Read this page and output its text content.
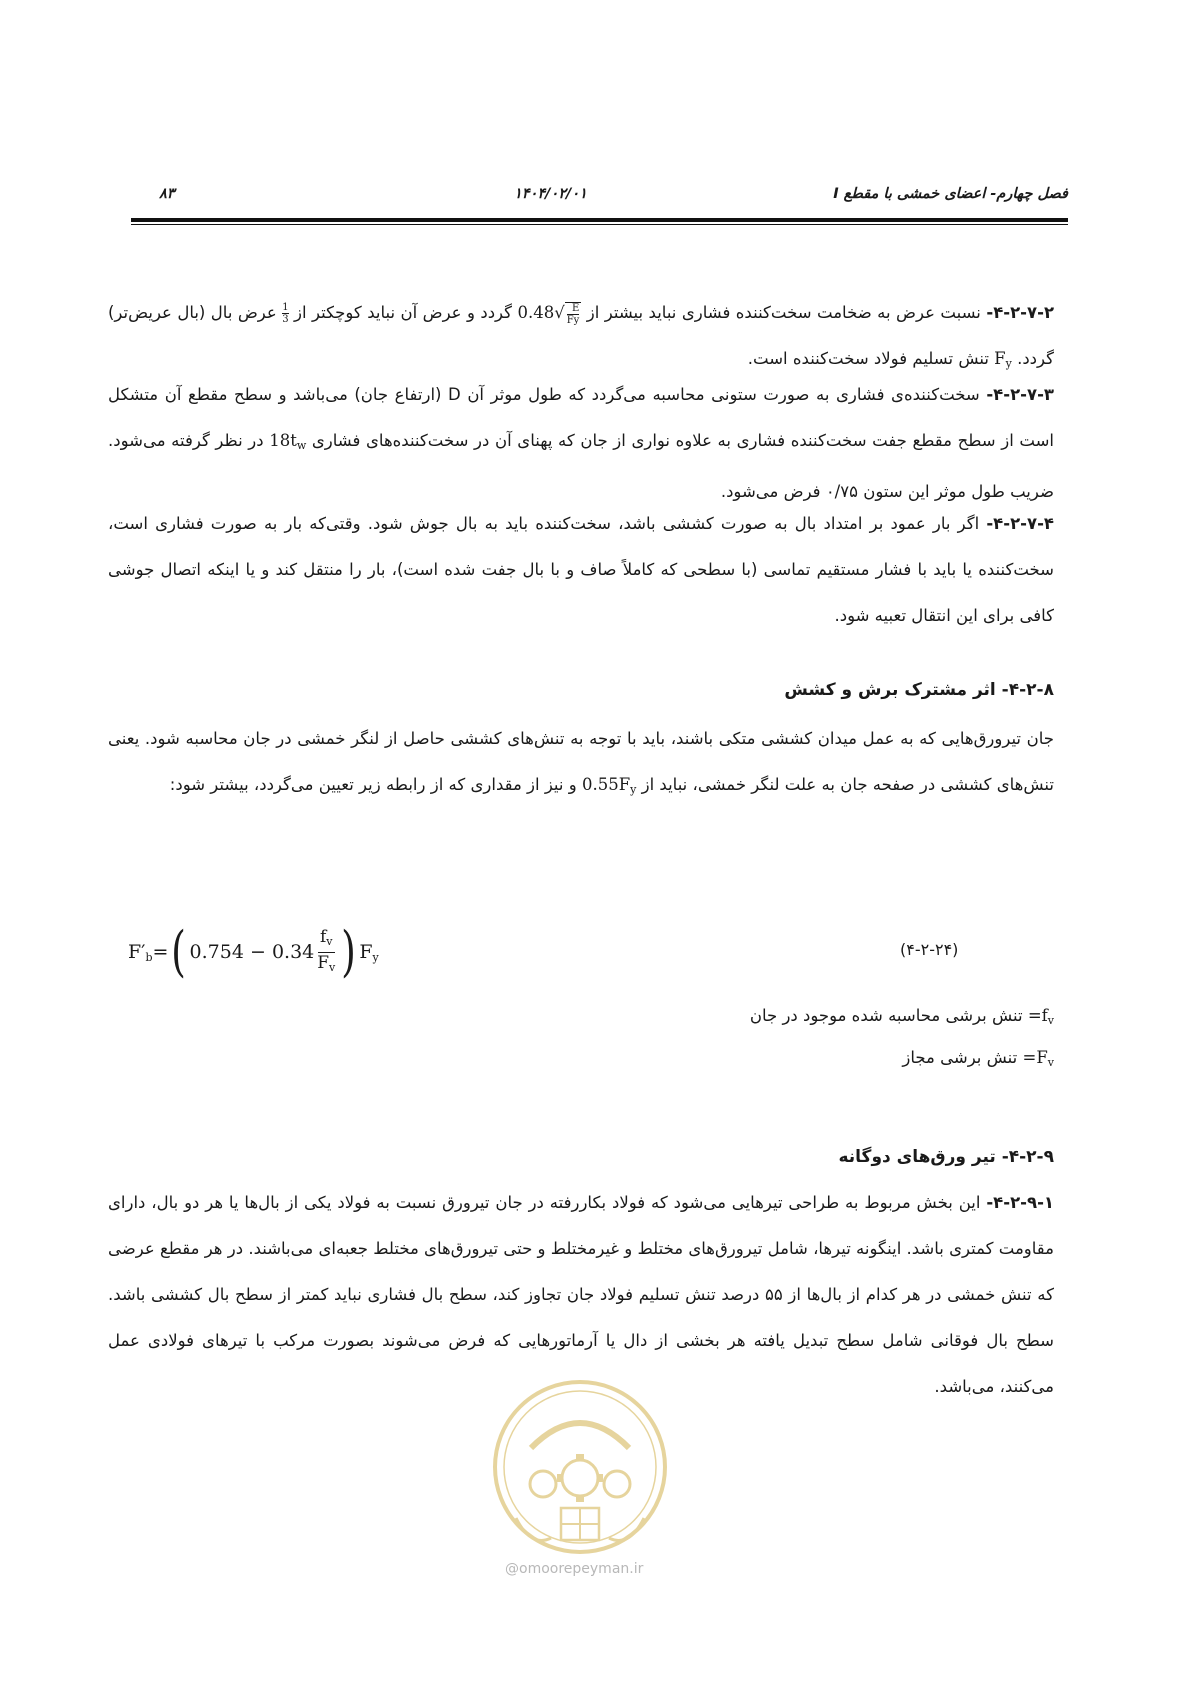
فصل چهارم- اعضای خمشی با مقطع I
۱۴۰۴/۰۲/۰۱
۸۳

۴-۲-۷-۲- نسبت عرض به ضخامت سخت‌کننده فشاری نباید بیشتر از $0.48√ \frac{E}{Fy}$
گردد و عرض آن نباید کوچکتر از
$\frac{1}{3}$
عرض بال (بال عریض‌تر) گردد. $F_y$ تنش تسلیم فولاد سخت‌کننده است.

۴-۲-۷-۳- سخت‌کننده‌ی فشاری به صورت ستونی محاسبه می‌گردد که طول موثر آن D (ارتفاع جان) می‌باشد و سطح مقطع آن متشکل است از سطح مقطع جفت سخت‌کننده فشاری به علاوه نواری از جان که پهنای آن در سخت‌کننده‌های فشاری $18t_w$ در نظر گرفته می‌شود. ضریب طول موثر این ستون ۰/۷۵ فرض می‌شود.

۴-۲-۷-۴- اگر بار عمود بر امتداد بال به صورت کششی باشد، سخت‌کننده باید به بال جوش شود. وقتی‌که بار به صورت فشاری است، سخت‌کننده یا باید با فشار مستقیم تماسی (با سطحی که کاملاً صاف و با بال جفت شده است)، بار را منتقل کند و یا اینکه اتصال جوشی کافی برای این انتقال تعبیه شود.

۴-۲-۸- اثر مشترک برش و کشش

جان تیرورق‌هایی که به عمل میدان کششی متکی باشند، باید با توجه به تنش‌های کششی حاصل از لنگر خمشی در جان محاسبه شود. یعنی تنش‌های کششی در صفحه جان به علت لنگر خمشی، نباید از $0.55F_y$ و نیز از مقداری که از رابطه زیر تعیین می‌گردد، بیشتر شود:

$F'_b$ = ( $0.754 - 0.34 \frac{f_v}{F_v}$ ) $F_y$	(۴-۲-۲۴)
$f_v=$ تنش برشی محاسبه شده موجود در جان
$F_v=$ تنش برشی مجاز
۴-۲-۹- تیر ورق‌های دوگانه

۴-۲-۹-۱- این بخش مربوط به طراحی تیرهایی می‌شود که فولاد بکاررفته در جان تیرورق نسبت به فولاد یکی از بال‌ها یا هر دو بال، دارای مقاومت کمتری باشد. اینگونه تیرها، شامل تیرورق‌های مختلط و غیرمختلط و حتی تیرورق‌های مختلط جعبه‌ای می‌باشند. در هر مقطع عرضی که تنش خمشی در هر کدام از بال‌ها از ۵۵ درصد تنش تسلیم فولاد جان تجاوز کند، سطح بال فشاری نباید کمتر از سطح بال کششی باشد. سطح بال فوقانی شامل سطح تبدیل یافته هر بخشی از دال یا آرماتورهایی که فرض می‌شوند بصورت مرکب با تیرهای فولادی عمل می‌کنند، می‌باشد.

@omoorepeyman.ir
